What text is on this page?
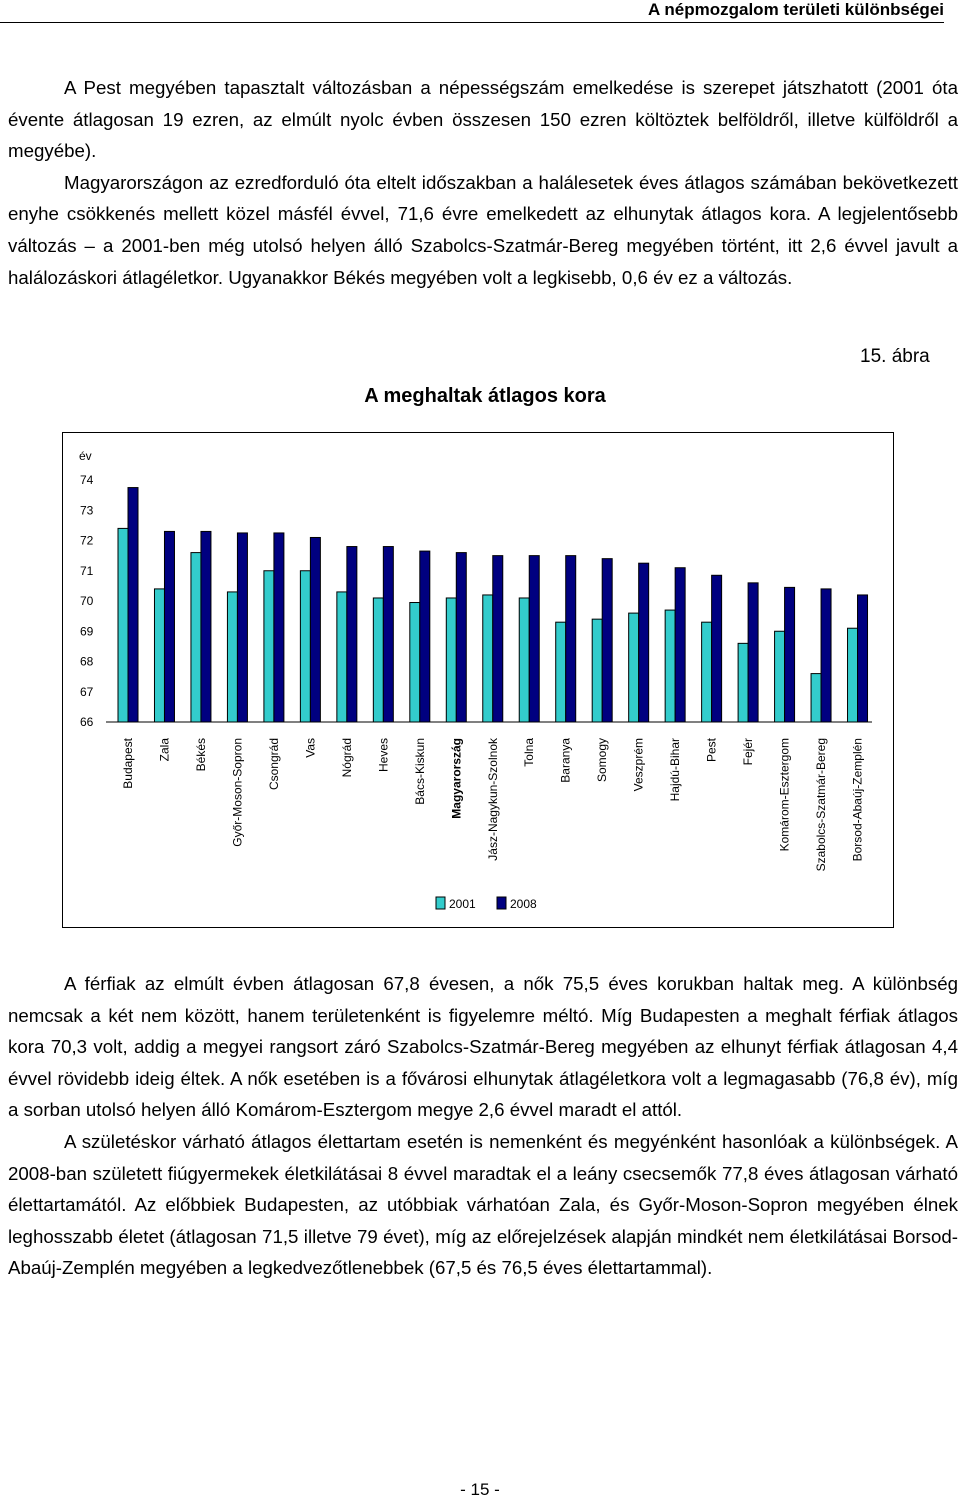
A népmozgalom területi különbségei

A Pest megyében tapasztalt változásban a népességszám emelkedése is szerepet játszhatott (2001 óta évente átlagosan 19 ezren, az elmúlt nyolc évben összesen 150 ezren költöztek belföldről, illetve külföldről a megyébe).

Magyarországon az ezredforduló óta eltelt időszakban a halálesetek éves átlagos számában bekövetkezett enyhe csökkenés mellett közel másfél évvel, 71,6 évre emelkedett az elhunytak átlagos kora. A legjelentősebb változás – a 2001-ben még utolsó helyen álló Szabolcs-Szatmár-Bereg megyében történt, itt 2,6 évvel javult a halálozáskori átlagéletkor. Ugyanakkor Békés megyében volt a legkisebb, 0,6 év ez a változás.

15. ábra
A meghaltak átlagos kora
év
74
73
72
71
70
69
68
67
66
Budapest Zala Békés Győr-Moson-Sopron Csongrád Vas Nógrád Heves Bács-Kiskun Magyarország Jász-Nagykun-Szolnok Tolna Baranya Somogy Veszprém Hajdú-Bihar Pest Fejér Komárom-Esztergom Szabolcs-Szatmár-Bereg Borsod-Abaúj-Zemplén
2001	2008

A férfiak az elmúlt évben átlagosan 67,8 évesen, a nők 75,5 éves korukban haltak meg. A különbség nemcsak a két nem között, hanem területenként is figyelemre méltó. Míg Budapesten a meghalt férfiak átlagos kora 70,3 volt, addig a megyei rangsort záró Szabolcs-Szatmár-Bereg megyében az elhunyt férfiak átlagosan 4,4 évvel rövidebb ideig éltek. A nők esetében is a fővárosi elhunytak átlagéletkora volt a legmagasabb (76,8 év), míg a sorban utolsó helyen álló Komárom-Esztergom megye 2,6 évvel maradt el attól.

A születéskor várható átlagos élettartam esetén is nemenként és megyénként hasonlóak a különbségek. A 2008-ban született fiúgyermekek életkilátásai 8 évvel maradtak el a leány csecsemők 77,8 éves átlagosan várható élettartamától. Az előbbiek Budapesten, az utóbbiak várhatóan Zala, és Győr-Moson-Sopron megyében élnek leghosszabb életet (átlagosan 71,5 illetve 79 évet), míg az előrejelzések alapján mindkét nem életkilátásai Borsod-Abaúj-Zemplén megyében a legkedvezőtlenebbek (67,5 és 76,5 éves élettartammal).

- 15 -
